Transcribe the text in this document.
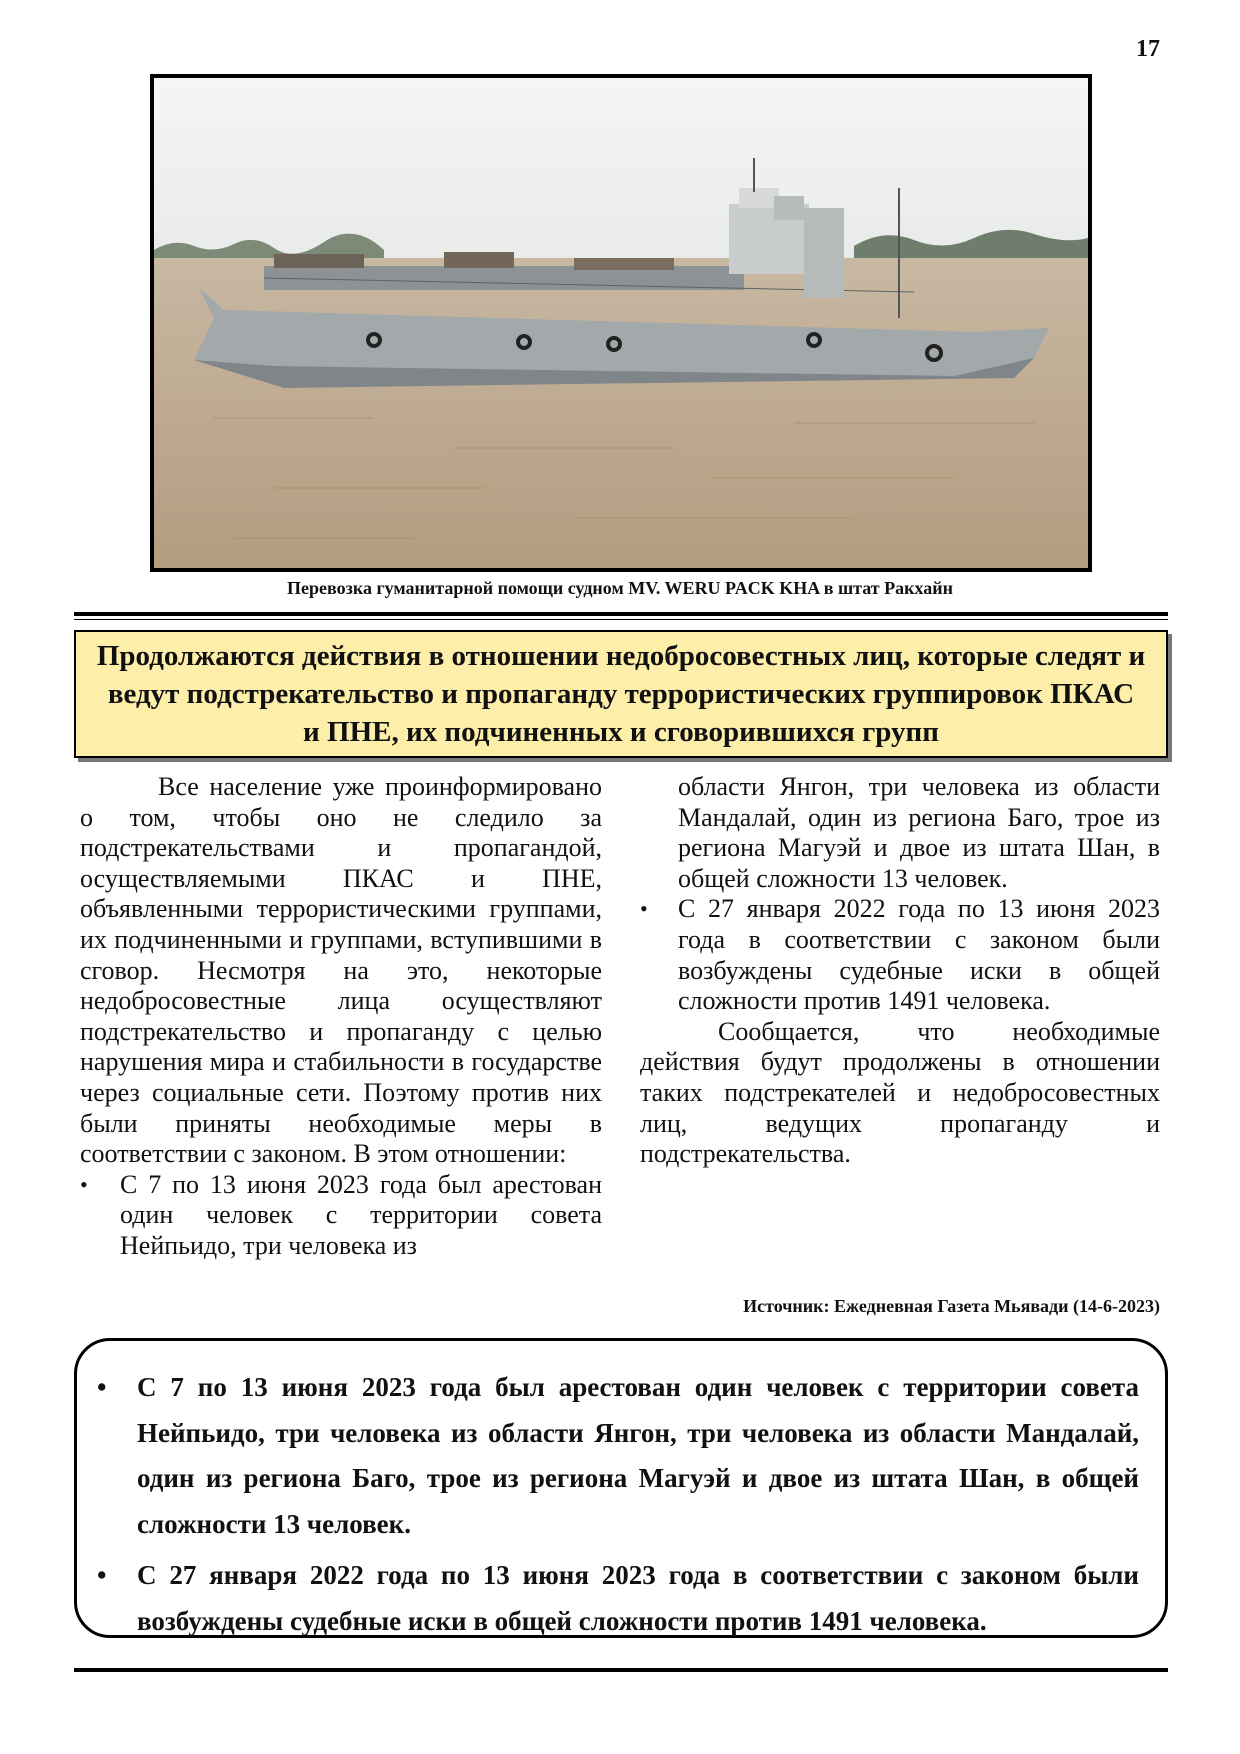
17
Перевозка гуманитарной помощи судном MV. WERU PACK KHA в штат Ракхайн
Продолжаются действия в отношении недобросовестных лиц, которые следят и ведут подстрекательство и пропаганду террористических группировок ПКАС и ПНЕ, их подчиненных и сговорившихся групп

Все население уже проинформировано о том, чтобы оно не следило за подстрекательствами и пропагандой, осуществляемыми ПКАС и ПНЕ, объявленными террористическими группами, их подчиненными и группами, вступившими в сговор. Несмотря на это, некоторые недобросовестные лица осуществляют подстрекательство и пропаганду с целью нарушения мира и стабильности в государстве через социальные сети. Поэтому против них были приняты необходимые меры в соответствии с законом. В этом отношении:

• С 7 по 13 июня 2023 года был арестован один человек с территории совета Нейпьидо, три человека из

области Янгон, три человека из области Мандалай, один из региона Баго, трое из региона Магуэй и двое из штата Шан, в общей сложности 13 человек.

• С 27 января 2022 года по 13 июня 2023 года в соответствии с законом были возбуждены судебные иски в общей сложности против 1491 человека.

Сообщается, что необходимые действия будут продолжены в отношении таких подстрекателей и недобросовестных лиц, ведущих пропаганду и подстрекательства.

Источник: Ежедневная Газета Мьявади (14-6-2023)
• С 7 по 13 июня 2023 года был арестован один человек с территории совета Нейпьидо, три человека из области Янгон, три человека из области Мандалай, один из региона Баго, трое из региона Магуэй и двое из штата Шан, в общей сложности 13 человек.
• С 27 января 2022 года по 13 июня 2023 года в соответствии с законом были возбуждены судебные иски в общей сложности против 1491 человека.
